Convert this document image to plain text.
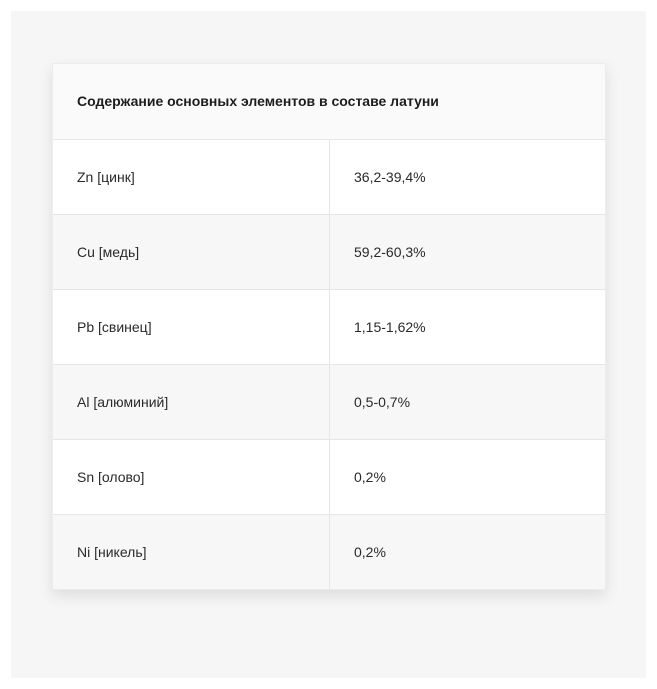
Содержание основных элементов в составе латуни
Zn [цинк]	36,2-39,4%
Cu [медь]	59,2-60,3%
Pb [свинец]	1,15-1,62%
Al [алюминий]	0,5-0,7%
Sn [олово]	0,2%
Ni [никель]	0,2%
